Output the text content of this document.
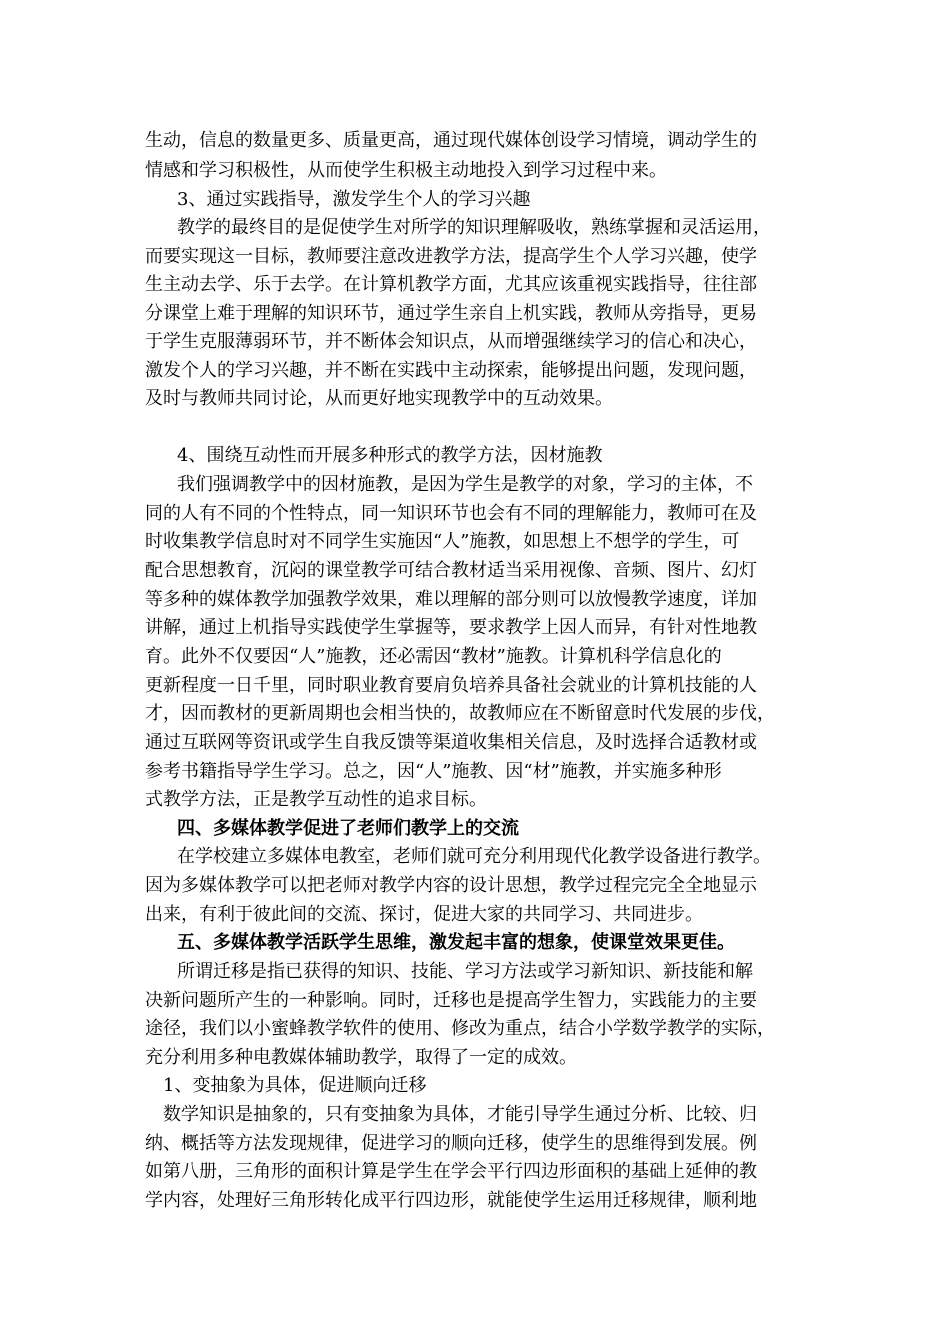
生动，信息的数量更多、质量更高，通过现代媒体创设学习情境，调动学生的
情感和学习积极性，从而使学生积极主动地投入到学习过程中来。
3、通过实践指导，激发学生个人的学习兴趣
教学的最终目的是促使学生对所学的知识理解吸收，熟练掌握和灵活运用，
而要实现这一目标，教师要注意改进教学方法，提高学生个人学习兴趣，使学
生主动去学、乐于去学。在计算机教学方面，尤其应该重视实践指导，往往部
分课堂上难于理解的知识环节，通过学生亲自上机实践，教师从旁指导，更易
于学生克服薄弱环节，并不断体会知识点，从而增强继续学习的信心和决心，
激发个人的学习兴趣，并不断在实践中主动探索，能够提出问题，发现问题，
及时与教师共同讨论，从而更好地实现教学中的互动效果。
4、围绕互动性而开展多种形式的教学方法，因材施教
我们强调教学中的因材施教，是因为学生是教学的对象，学习的主体，不
同的人有不同的个性特点，同一知识环节也会有不同的理解能力，教师可在及
时收集教学信息时对不同学生实施因“人”施教，如思想上不想学的学生，可
配合思想教育，沉闷的课堂教学可结合教材适当采用视像、音频、图片、幻灯
等多种的媒体教学加强教学效果，难以理解的部分则可以放慢教学速度，详加
讲解，通过上机指导实践使学生掌握等，要求教学上因人而异，有针对性地教
育。此外不仅要因“人”施教，还必需因“教材”施教。计算机科学信息化的
更新程度一日千里，同时职业教育要肩负培养具备社会就业的计算机技能的人
才，因而教材的更新周期也会相当快的，故教师应在不断留意时代发展的步伐，
通过互联网等资讯或学生自我反馈等渠道收集相关信息，及时选择合适教材或
参考书籍指导学生学习。总之，因“人”施教、因“材”施教，并实施多种形
式教学方法，正是教学互动性的追求目标。
四、多媒体教学促进了老师们教学上的交流
在学校建立多媒体电教室，老师们就可充分利用现代化教学设备进行教学。
因为多媒体教学可以把老师对教学内容的设计思想，教学过程完完全全地显示
出来，有利于彼此间的交流、探讨，促进大家的共同学习、共同进步。
五、多媒体教学活跃学生思维，激发起丰富的想象，使课堂效果更佳。
所谓迁移是指已获得的知识、技能、学习方法或学习新知识、新技能和解
决新问题所产生的一种影响。同时，迁移也是提高学生智力，实践能力的主要
途径，我们以小蜜蜂教学软件的使用、修改为重点，结合小学数学教学的实际，
充分利用多种电教媒体辅助教学，取得了一定的成效。
1、变抽象为具体，促进顺向迁移
数学知识是抽象的，只有变抽象为具体，才能引导学生通过分析、比较、归
纳、概括等方法发现规律，促进学习的顺向迁移，使学生的思维得到发展。例
如第八册，三角形的面积计算是学生在学会平行四边形面积的基础上延伸的教
学内容，处理好三角形转化成平行四边形，就能使学生运用迁移规律，顺利地
